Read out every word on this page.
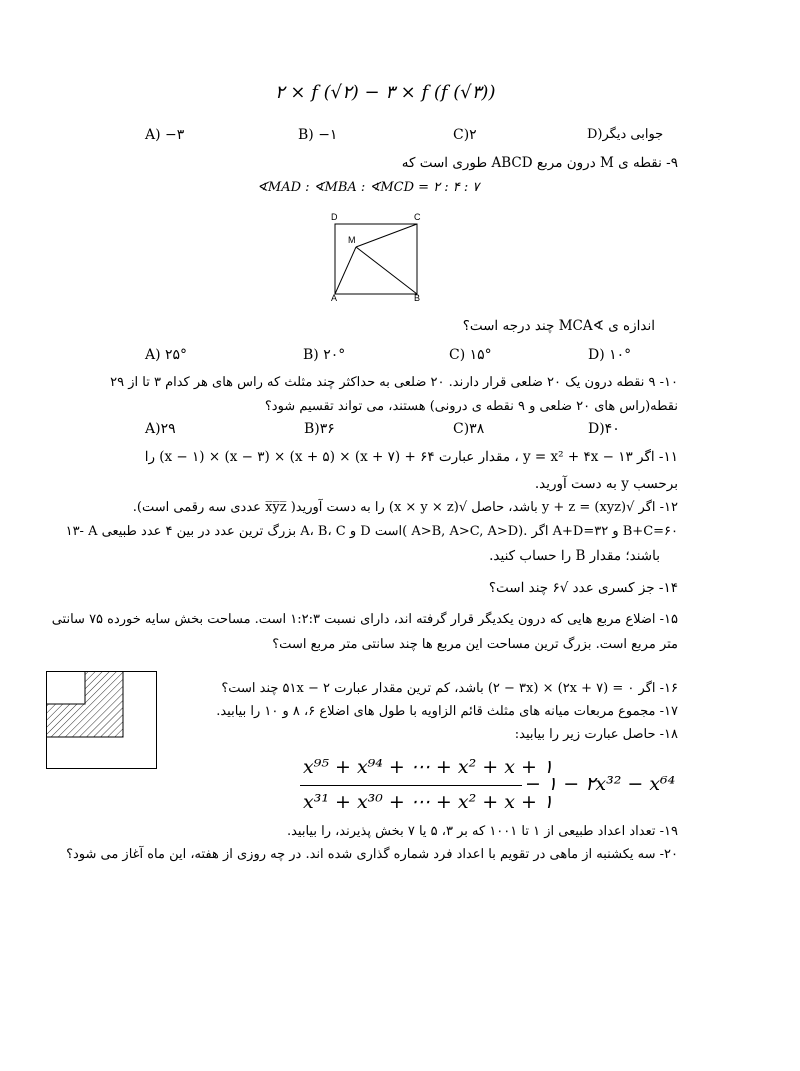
۲ × f (√۲) − ۳ × f (f (√۳))
A) −۳	B) −۱	C)۲	D)جوابی دیگر
۹- نقطه ی M درون مربع ABCD طوری است که
∢MAD : ∢MBA : ∢MCD = ۲ : ۴ : ۷
D	C
M
A	B
اندازه ی ∢MCA چند درجه است؟
A) ۲۵°	B) ۲۰°	C) ۱۵°	D) ۱۰°
۱۰- ۹ نقطه درون یک ۲۰ ضلعی قرار دارند. ۲۰ ضلعی به حداکثر چند مثلث که راس های هر کدام ۳ تا از ۲۹
نقطه(راس های ۲۰ ضلعی و ۹ نقطه ی درونی) هستند، می تواند تقسیم شود؟
A)۲۹	B)۳۶	C)۳۸	D)۴۰
۱۱- اگر y = x² + ۴x − ۱۳ ، مقدار عبارت ۶۴ + (x + ۷) × (x + ۵) × (x − ۳) × (x − ۱) را
برحسب y به دست آورید.
۱۲- اگر √(xyz) = y + z باشد، حاصل √(x × y × z) را به دست آورید( x̅y̅z̅ عددی سه رقمی است).
۱۳- A بزرگ ترین عدد در بین ۴ عدد طبیعی A، B، C و D است( A>B, A>C, A>D). اگر A+D=۳۲ و B+C=۶۰
باشند؛ مقدار B را حساب کنید.
۱۴- جز کسری عدد √۶ چند است؟
۱۵- اضلاع مربع هایی که درون یکدیگر قرار گرفته اند، دارای نسبت ۱:۲:۳ است. مساحت بخش سایه خورده ۷۵ سانتی
متر مربع است. بزرگ ترین مساحت این مربع ها چند سانتی متر مربع است؟
۱۶- اگر ۰ = (۲x + ۷) × (۲ − ۳x) باشد، کم ترین مقدار عبارت ۲ − ۵۱x چند است؟
۱۷- مجموع مربعات میانه های مثلث قائم الزاویه با طول های اضلاع ۶، ۸ و ۱۰ را بیابید.
۱۸- حاصل عبارت زیر را بیابید:
x⁹⁵ + x⁹⁴ + ⋯ + x² + x + ۱
x³¹ + x³⁰ + ⋯ + x² + x + ۱
− ۱ − ۲x³² − x⁶⁴
۱۹- تعداد اعداد طبیعی از ۱ تا ۱۰۰۱ که بر ۳، ۵ یا ۷ بخش پذیرند، را بیابید.
۲۰- سه یکشنبه از ماهی در تقویم با اعداد فرد شماره گذاری شده اند. در چه روزی از هفته، این ماه آغاز می شود؟
